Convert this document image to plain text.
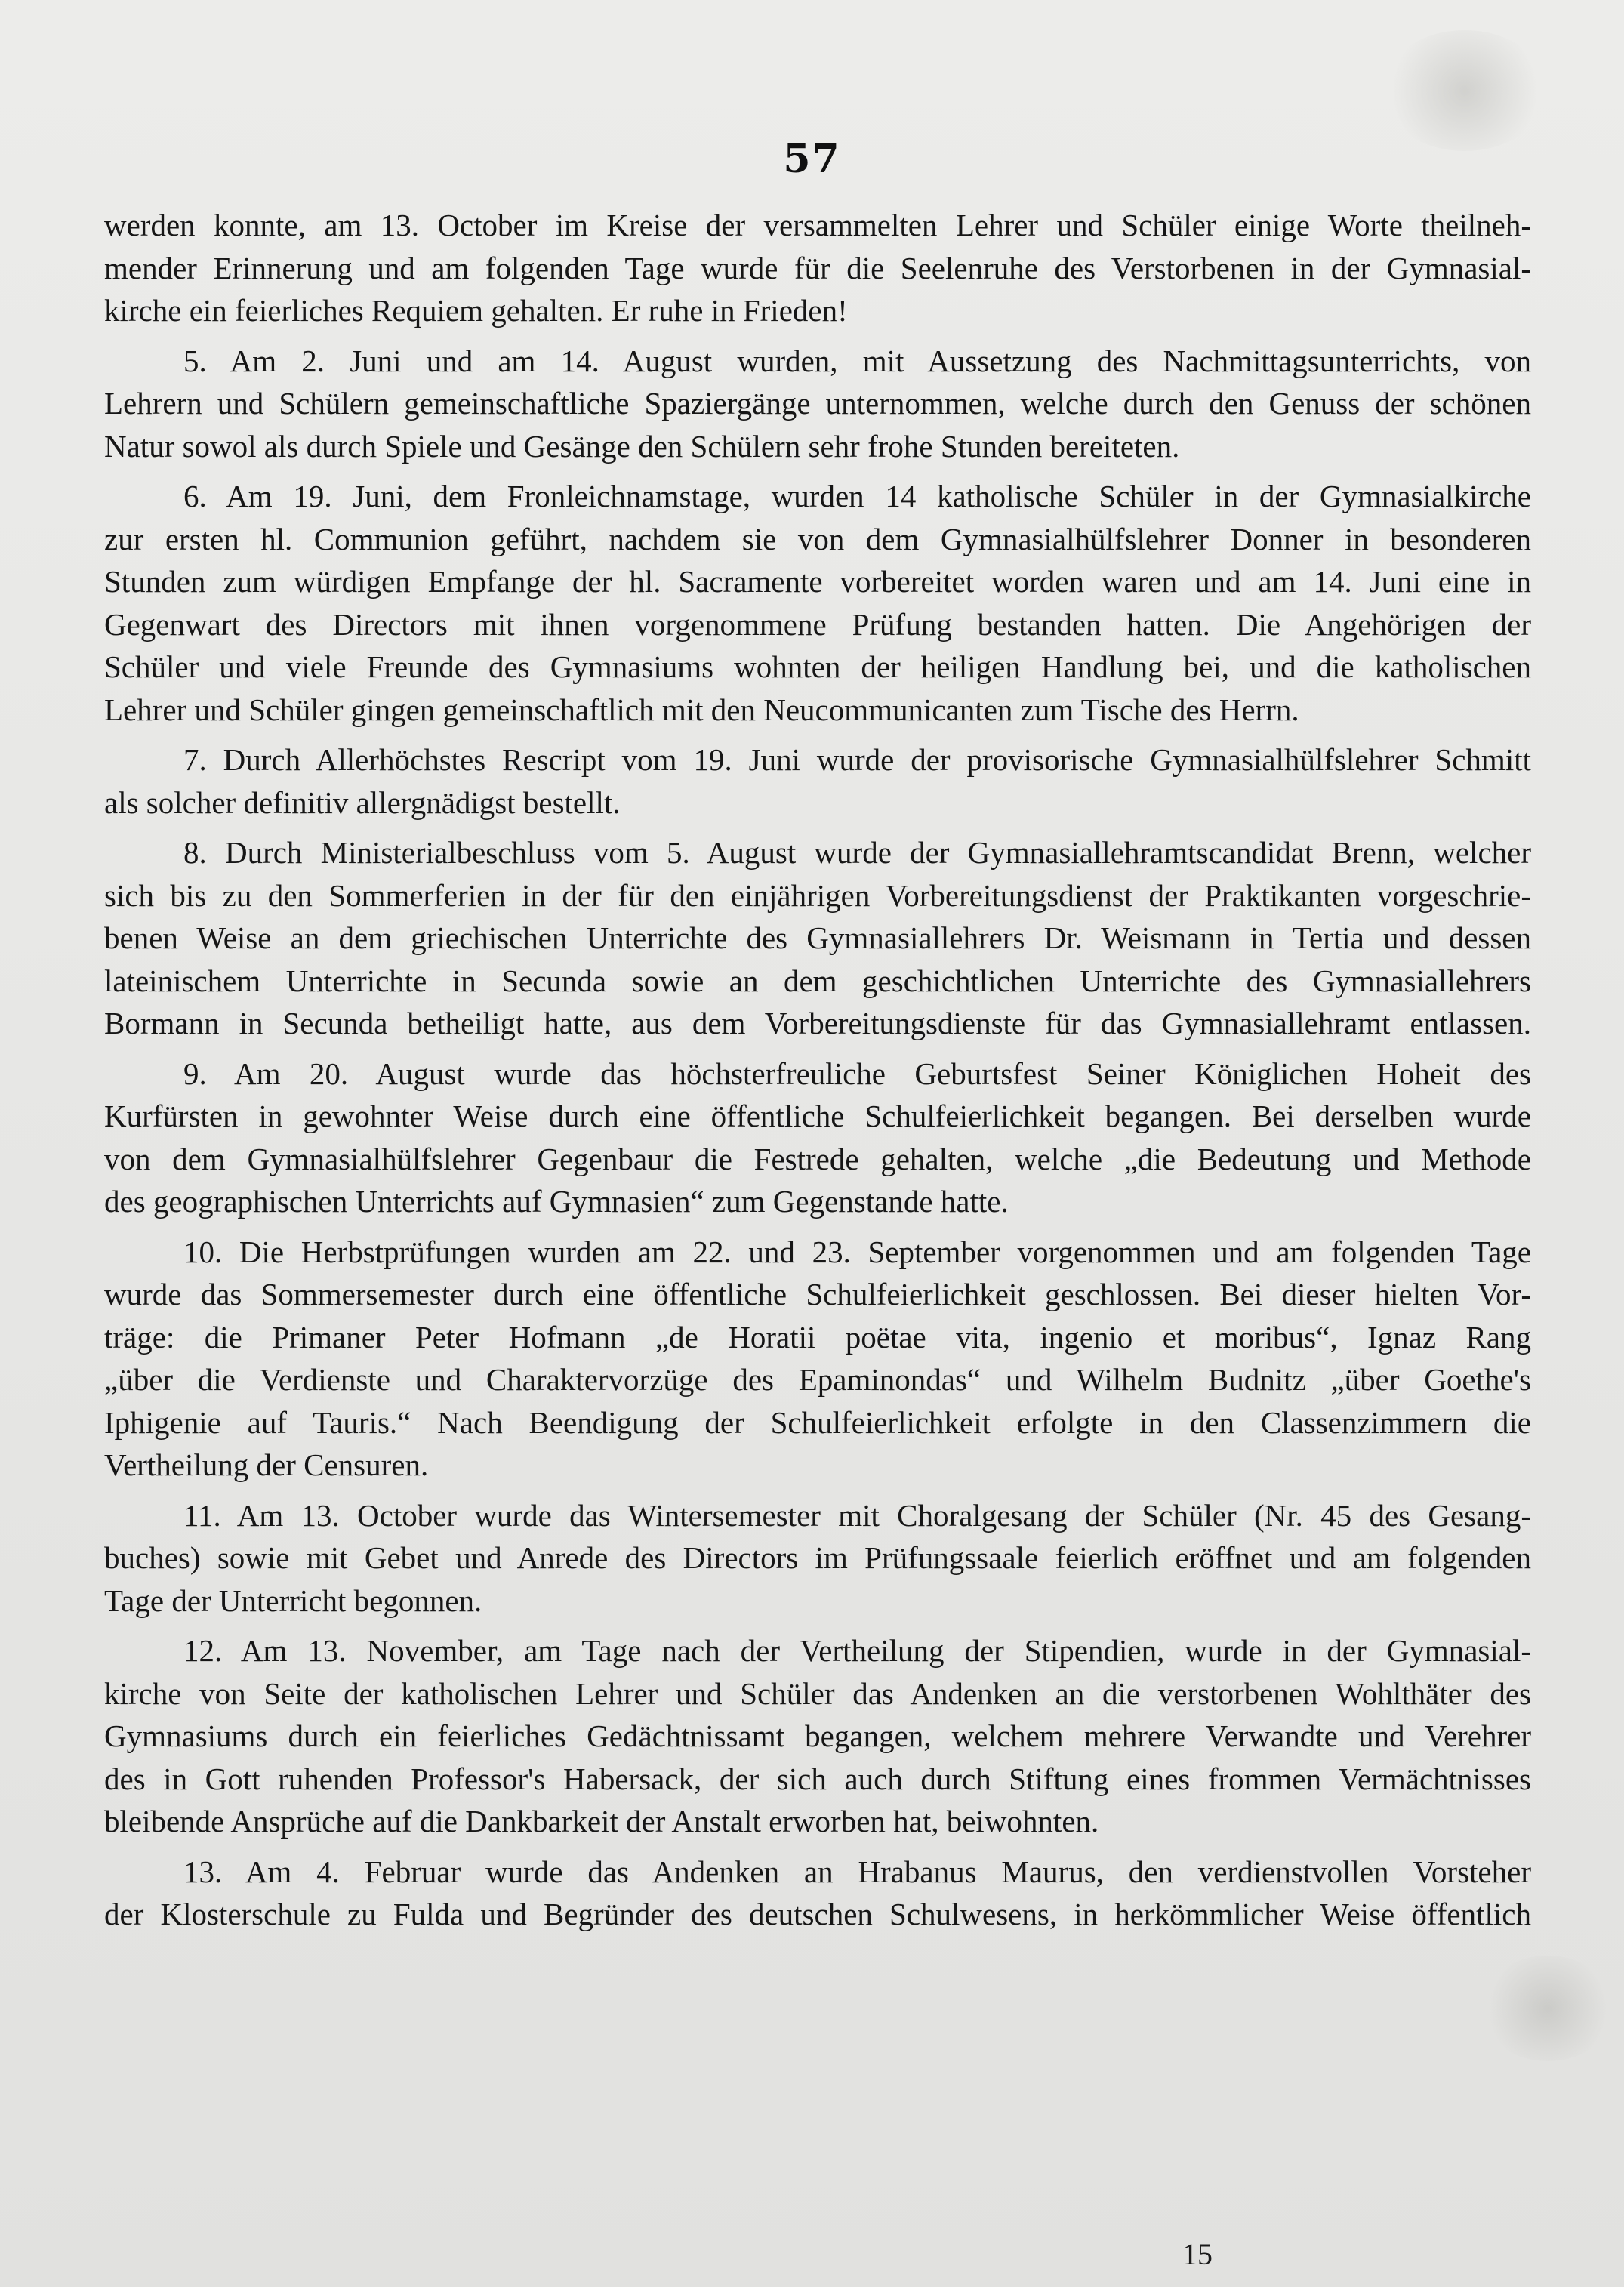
57

werden konnte, am 13. October im Kreise der versammelten Lehrer und Schüler einige Worte theilneh-
mender Erinnerung und am folgenden Tage wurde für die Seelenruhe des Verstorbenen in der Gymnasial-
kirche ein feierliches Requiem gehalten. Er ruhe in Frieden!

5. Am 2. Juni und am 14. August wurden, mit Aussetzung des Nachmittagsunterrichts, von
Lehrern und Schülern gemeinschaftliche Spaziergänge unternommen, welche durch den Genuss der schönen
Natur sowol als durch Spiele und Gesänge den Schülern sehr frohe Stunden bereiteten.

6. Am 19. Juni, dem Fronleichnamstage, wurden 14 katholische Schüler in der Gymnasialkirche
zur ersten hl. Communion geführt, nachdem sie von dem Gymnasialhülfslehrer Donner in besonderen
Stunden zum würdigen Empfange der hl. Sacramente vorbereitet worden waren und am 14. Juni eine in
Gegenwart des Directors mit ihnen vorgenommene Prüfung bestanden hatten. Die Angehörigen der
Schüler und viele Freunde des Gymnasiums wohnten der heiligen Handlung bei, und die katholischen
Lehrer und Schüler gingen gemeinschaftlich mit den Neucommunicanten zum Tische des Herrn.

7. Durch Allerhöchstes Rescript vom 19. Juni wurde der provisorische Gymnasialhülfslehrer Schmitt
als solcher definitiv allergnädigst bestellt.

8. Durch Ministerialbeschluss vom 5. August wurde der Gymnasiallehramtscandidat Brenn, welcher
sich bis zu den Sommerferien in der für den einjährigen Vorbereitungsdienst der Praktikanten vorgeschrie-
benen Weise an dem griechischen Unterrichte des Gymnasiallehrers Dr. Weismann in Tertia und dessen
lateinischem Unterrichte in Secunda sowie an dem geschichtlichen Unterrichte des Gymnasiallehrers
Bormann in Secunda betheiligt hatte, aus dem Vorbereitungsdienste für das Gymnasiallehramt entlassen.

9. Am 20. August wurde das höchsterfreuliche Geburtsfest Seiner Königlichen Hoheit des
Kurfürsten in gewohnter Weise durch eine öffentliche Schulfeierlichkeit begangen. Bei derselben wurde
von dem Gymnasialhülfslehrer Gegenbaur die Festrede gehalten, welche „die Bedeutung und Methode
des geographischen Unterrichts auf Gymnasien“ zum Gegenstande hatte.

10. Die Herbstprüfungen wurden am 22. und 23. September vorgenommen und am folgenden Tage
wurde das Sommersemester durch eine öffentliche Schulfeierlichkeit geschlossen. Bei dieser hielten Vor-
träge: die Primaner Peter Hofmann „de Horatii poëtae vita, ingenio et moribus“, Ignaz Rang
„über die Verdienste und Charaktervorzüge des Epaminondas“ und Wilhelm Budnitz „über Goethe's
Iphigenie auf Tauris.“ Nach Beendigung der Schulfeierlichkeit erfolgte in den Classenzimmern die
Vertheilung der Censuren.

11. Am 13. October wurde das Wintersemester mit Choralgesang der Schüler (Nr. 45 des Gesang-
buches) sowie mit Gebet und Anrede des Directors im Prüfungssaale feierlich eröffnet und am folgenden
Tage der Unterricht begonnen.

12. Am 13. November, am Tage nach der Vertheilung der Stipendien, wurde in der Gymnasial-
kirche von Seite der katholischen Lehrer und Schüler das Andenken an die verstorbenen Wohlthäter des
Gymnasiums durch ein feierliches Gedächtnissamt begangen, welchem mehrere Verwandte und Verehrer
des in Gott ruhenden Professor's Habersack, der sich auch durch Stiftung eines frommen Vermächtnisses
bleibende Ansprüche auf die Dankbarkeit der Anstalt erworben hat, beiwohnten.

13. Am 4. Februar wurde das Andenken an Hrabanus Maurus, den verdienstvollen Vorsteher
der Klosterschule zu Fulda und Begründer des deutschen Schulwesens, in herkömmlicher Weise öffentlich

15
